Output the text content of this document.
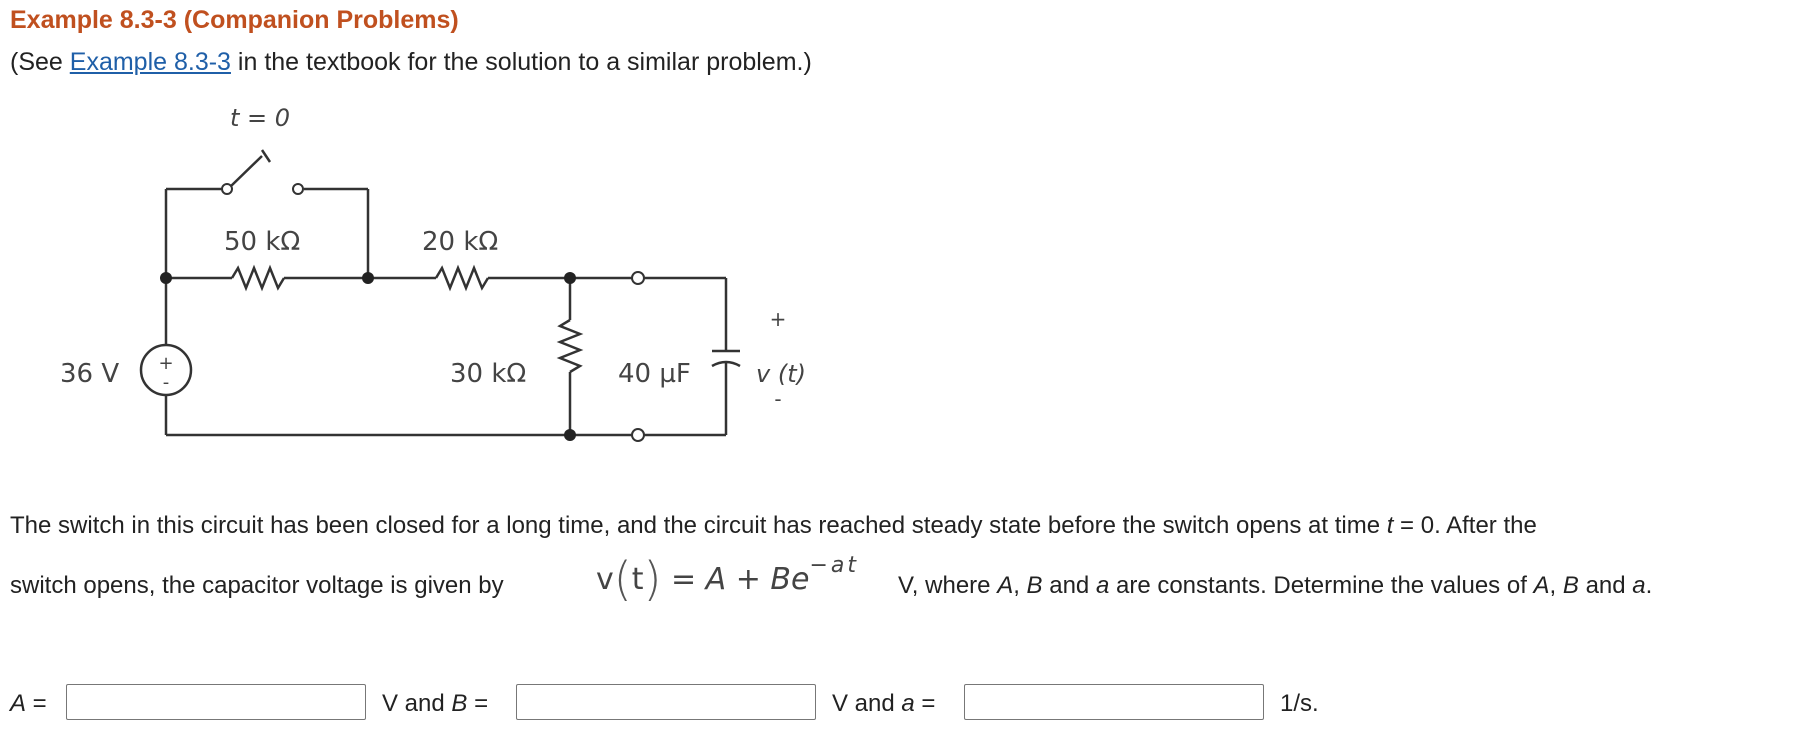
Example 8.3-3 (Companion Problems)
(See Example 8.3-3 in the textbook for the solution to a similar problem.)
+
-
t = 0
50 kΩ	20 kΩ
30 kΩ	40 µF
36 V
+
v (t)
-
The switch in this circuit has been closed for a long time, and the circuit has reached steady state before the switch opens at time t = 0. After the
switch opens, the capacitor voltage is given by	$v(t) = A + Be^{-at}$
V, where A, B and a are constants. Determine the values of A, B and a.
A =	V and B =	V and a =	1/s.
